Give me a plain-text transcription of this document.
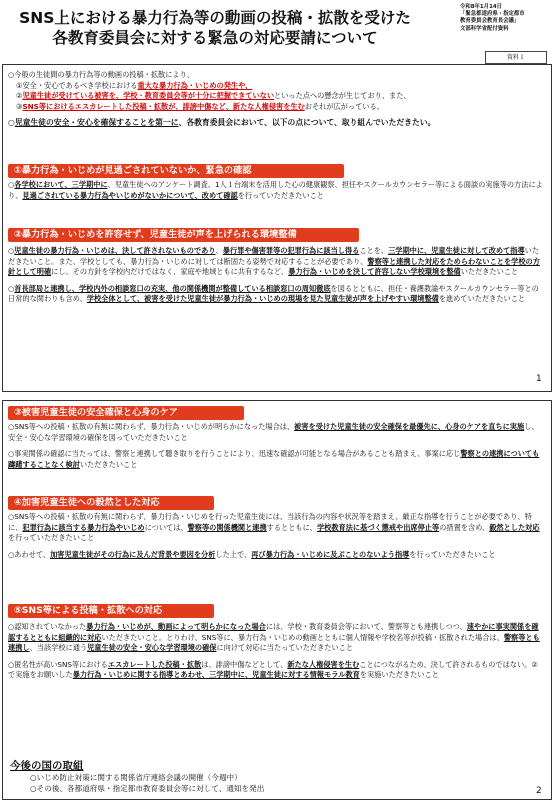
SNS上における暴力行為等の動画の投稿・拡散を受けた
各教育委員会に対する緊急の対応要請について
令和8年1月14日
「緊急都道府県・指定都市
教育委員会教育長会議」
文部科学省配付資料
資料１

○今般の生徒間の暴力行為等の動画の投稿・拡散により、

①安全・安心であるべき学校における重大な暴力行為・いじめの発生や、

②児童生徒が受けている被害を、学校・教育委員会等が十分に把握できていないといった点への懸念が生じており、また、

③SNS等におけるエスカレートした投稿・拡散が、誹謗中傷など、新たな人権侵害を生むおそれが広がっている。

○児童生徒の安全・安心を確保することを第一に、各教育委員会において、以下の点について、取り組んでいただきたい。

①暴力行為・いじめが見過ごされていないか、緊急の確認

○各学校において、三学期中に、児童生徒へのアンケート調査、1人１台端末を活用した心の健康観察、担任やスクールカウンセラー等による面談の実施等の方法により、見過ごされている暴力行為やいじめがないかについて、改めて確認を行っていただきたいこと

②暴力行為・いじめを許容せず、児童生徒が声を上げられる環境整備

○児童生徒の暴力行為・いじめは、決して許されないものであり、暴行罪や傷害罪等の犯罪行為に該当し得ることを、三学期中に、児童生徒に対して改めて指導いただきたいこと。また、学校としても、暴力行為・いじめに対しては断固たる姿勢で対応することが必要であり、警察等と連携した対応をためらわないことを学校の方針として明確にし、その方針を学校内だけではなく、家庭や地域ともに共有するなど、暴力行為・いじめを決して許容しない学校環境を整備いただきたいこと

○首長部局と連携し、学校内外の相談窓口の充実、他の関係機関が整備している相談窓口の周知徹底を図るとともに、担任・養護教諭やスクールカウンセラー等との日常的な関わりも含め、学校全体として、被害を受けた児童生徒が暴力行為・いじめの現場を見た児童生徒が声を上げやすい環境整備を進めていただきたいこと

1
③被害児童生徒の安全確保と心身のケア

○SNS等への投稿・拡散の有無に関わらず、暴力行為・いじめが明らかになった場合は、被害を受けた児童生徒の安全確保を最優先に、心身のケアを直ちに実施し、安全・安心な学習環境の確保を図っていただきたいこと

○事実関係の確認に当たっては、警察と連携して聴き取りを行うことにより、迅速な確認が可能となる場合があることも踏まえ、事案に応じ警察との連携についても躊躇することなく検討いただきたいこと

④加害児童生徒への毅然とした対応

○SNS等への投稿・拡散の有無に関わらず、暴力行為・いじめを行った児童生徒には、当該行為の内容や状況等を踏まえ、厳正な指導を行うことが必要であり、特に、犯罪行為に該当する暴力行為やいじめについては、警察等の関係機関と連携するとともに、学校教育法に基づく懲戒や出席停止等の措置を含め、毅然とした対応を行っていただきたいこと

○あわせて、加害児童生徒がその行為に及んだ背景や要因を分析した上で、再び暴力行為・いじめに及ぶことのないよう指導を行っていただきたいこと

⑤SNS等による投稿・拡散への対応

○認知されていなかった暴力行為・いじめが、動画によって明らかになった場合には、学校・教育委員会等において、警察等とも連携しつつ、速やかに事実関係を確認するとともに組織的に対応いただきたいこと。とりわけ、SNS等に、暴力行為・いじめの動画とともに個人情報や学校名等が投稿・拡散された場合は、警察等とも連携し、当該学校に通う児童生徒の安全・安心な学習環境の確保に向けて対応に当たっていただきたいこと

○匿名性が高いSNS等におけるエスカレートした投稿・拡散は、誹謗中傷などとして、新たな人権侵害を生むことにつながるため、決して許されるものではない。②で実施をお願いした暴力行為・いじめに関する指導とあわせ、三学期中に、児童生徒に対する情報モラル教育を実施いただきたいこと

今後の国の取組

○いじめ防止対策に関する関係省庁連絡会議の開催（今週中）

○その後、各都道府県・指定都市教育委員会等に対して、通知を発出	2
